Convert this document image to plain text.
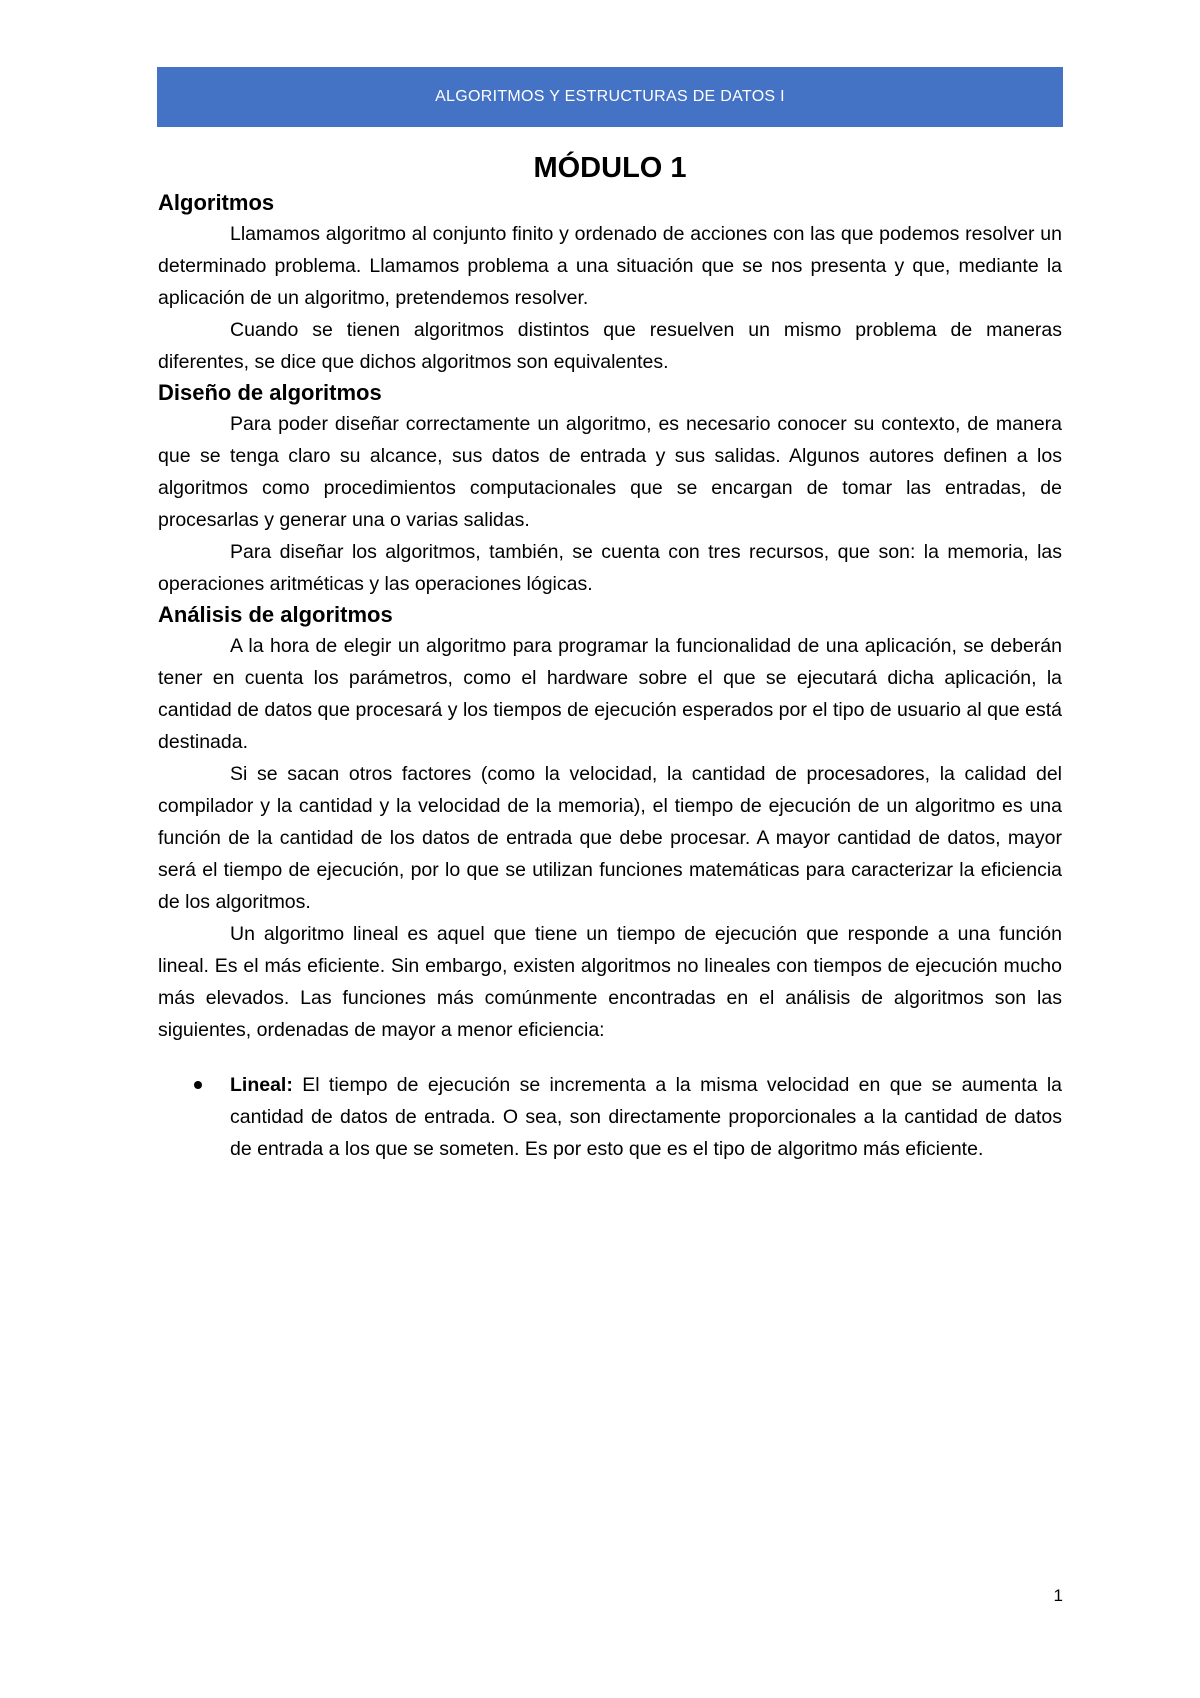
ALGORITMOS Y ESTRUCTURAS DE DATOS I
MÓDULO 1
Algoritmos

Llamamos algoritmo al conjunto finito y ordenado de acciones con las que podemos resolver un determinado problema. Llamamos problema a una situación que se nos presenta y que, mediante la aplicación de un algoritmo, pretendemos resolver.

Cuando se tienen algoritmos distintos que resuelven un mismo problema de maneras diferentes, se dice que dichos algoritmos son equivalentes.

Diseño de algoritmos

Para poder diseñar correctamente un algoritmo, es necesario conocer su contexto, de manera que se tenga claro su alcance, sus datos de entrada y sus salidas. Algunos autores definen a los algoritmos como procedimientos computacionales que se encargan de tomar las entradas, de procesarlas y generar una o varias salidas.

Para diseñar los algoritmos, también, se cuenta con tres recursos, que son: la memoria, las operaciones aritméticas y las operaciones lógicas.

Análisis de algoritmos

A la hora de elegir un algoritmo para programar la funcionalidad de una aplicación, se deberán tener en cuenta los parámetros, como el hardware sobre el que se ejecutará dicha aplicación, la cantidad de datos que procesará y los tiempos de ejecución esperados por el tipo de usuario al que está destinada.

Si se sacan otros factores (como la velocidad, la cantidad de procesadores, la calidad del compilador y la cantidad y la velocidad de la memoria), el tiempo de ejecución de un algoritmo es una función de la cantidad de los datos de entrada que debe procesar. A mayor cantidad de datos, mayor será el tiempo de ejecución, por lo que se utilizan funciones matemáticas para caracterizar la eficiencia de los algoritmos.

Un algoritmo lineal es aquel que tiene un tiempo de ejecución que responde a una función lineal. Es el más eficiente. Sin embargo, existen algoritmos no lineales con tiempos de ejecución mucho más elevados. Las funciones más comúnmente encontradas en el análisis de algoritmos son las siguientes, ordenadas de mayor a menor eficiencia:

Lineal: El tiempo de ejecución se incrementa a la misma velocidad en que se aumenta la cantidad de datos de entrada. O sea, son directamente proporcionales a la cantidad de datos de entrada a los que se someten. Es por esto que es el tipo de algoritmo más eficiente.
1
